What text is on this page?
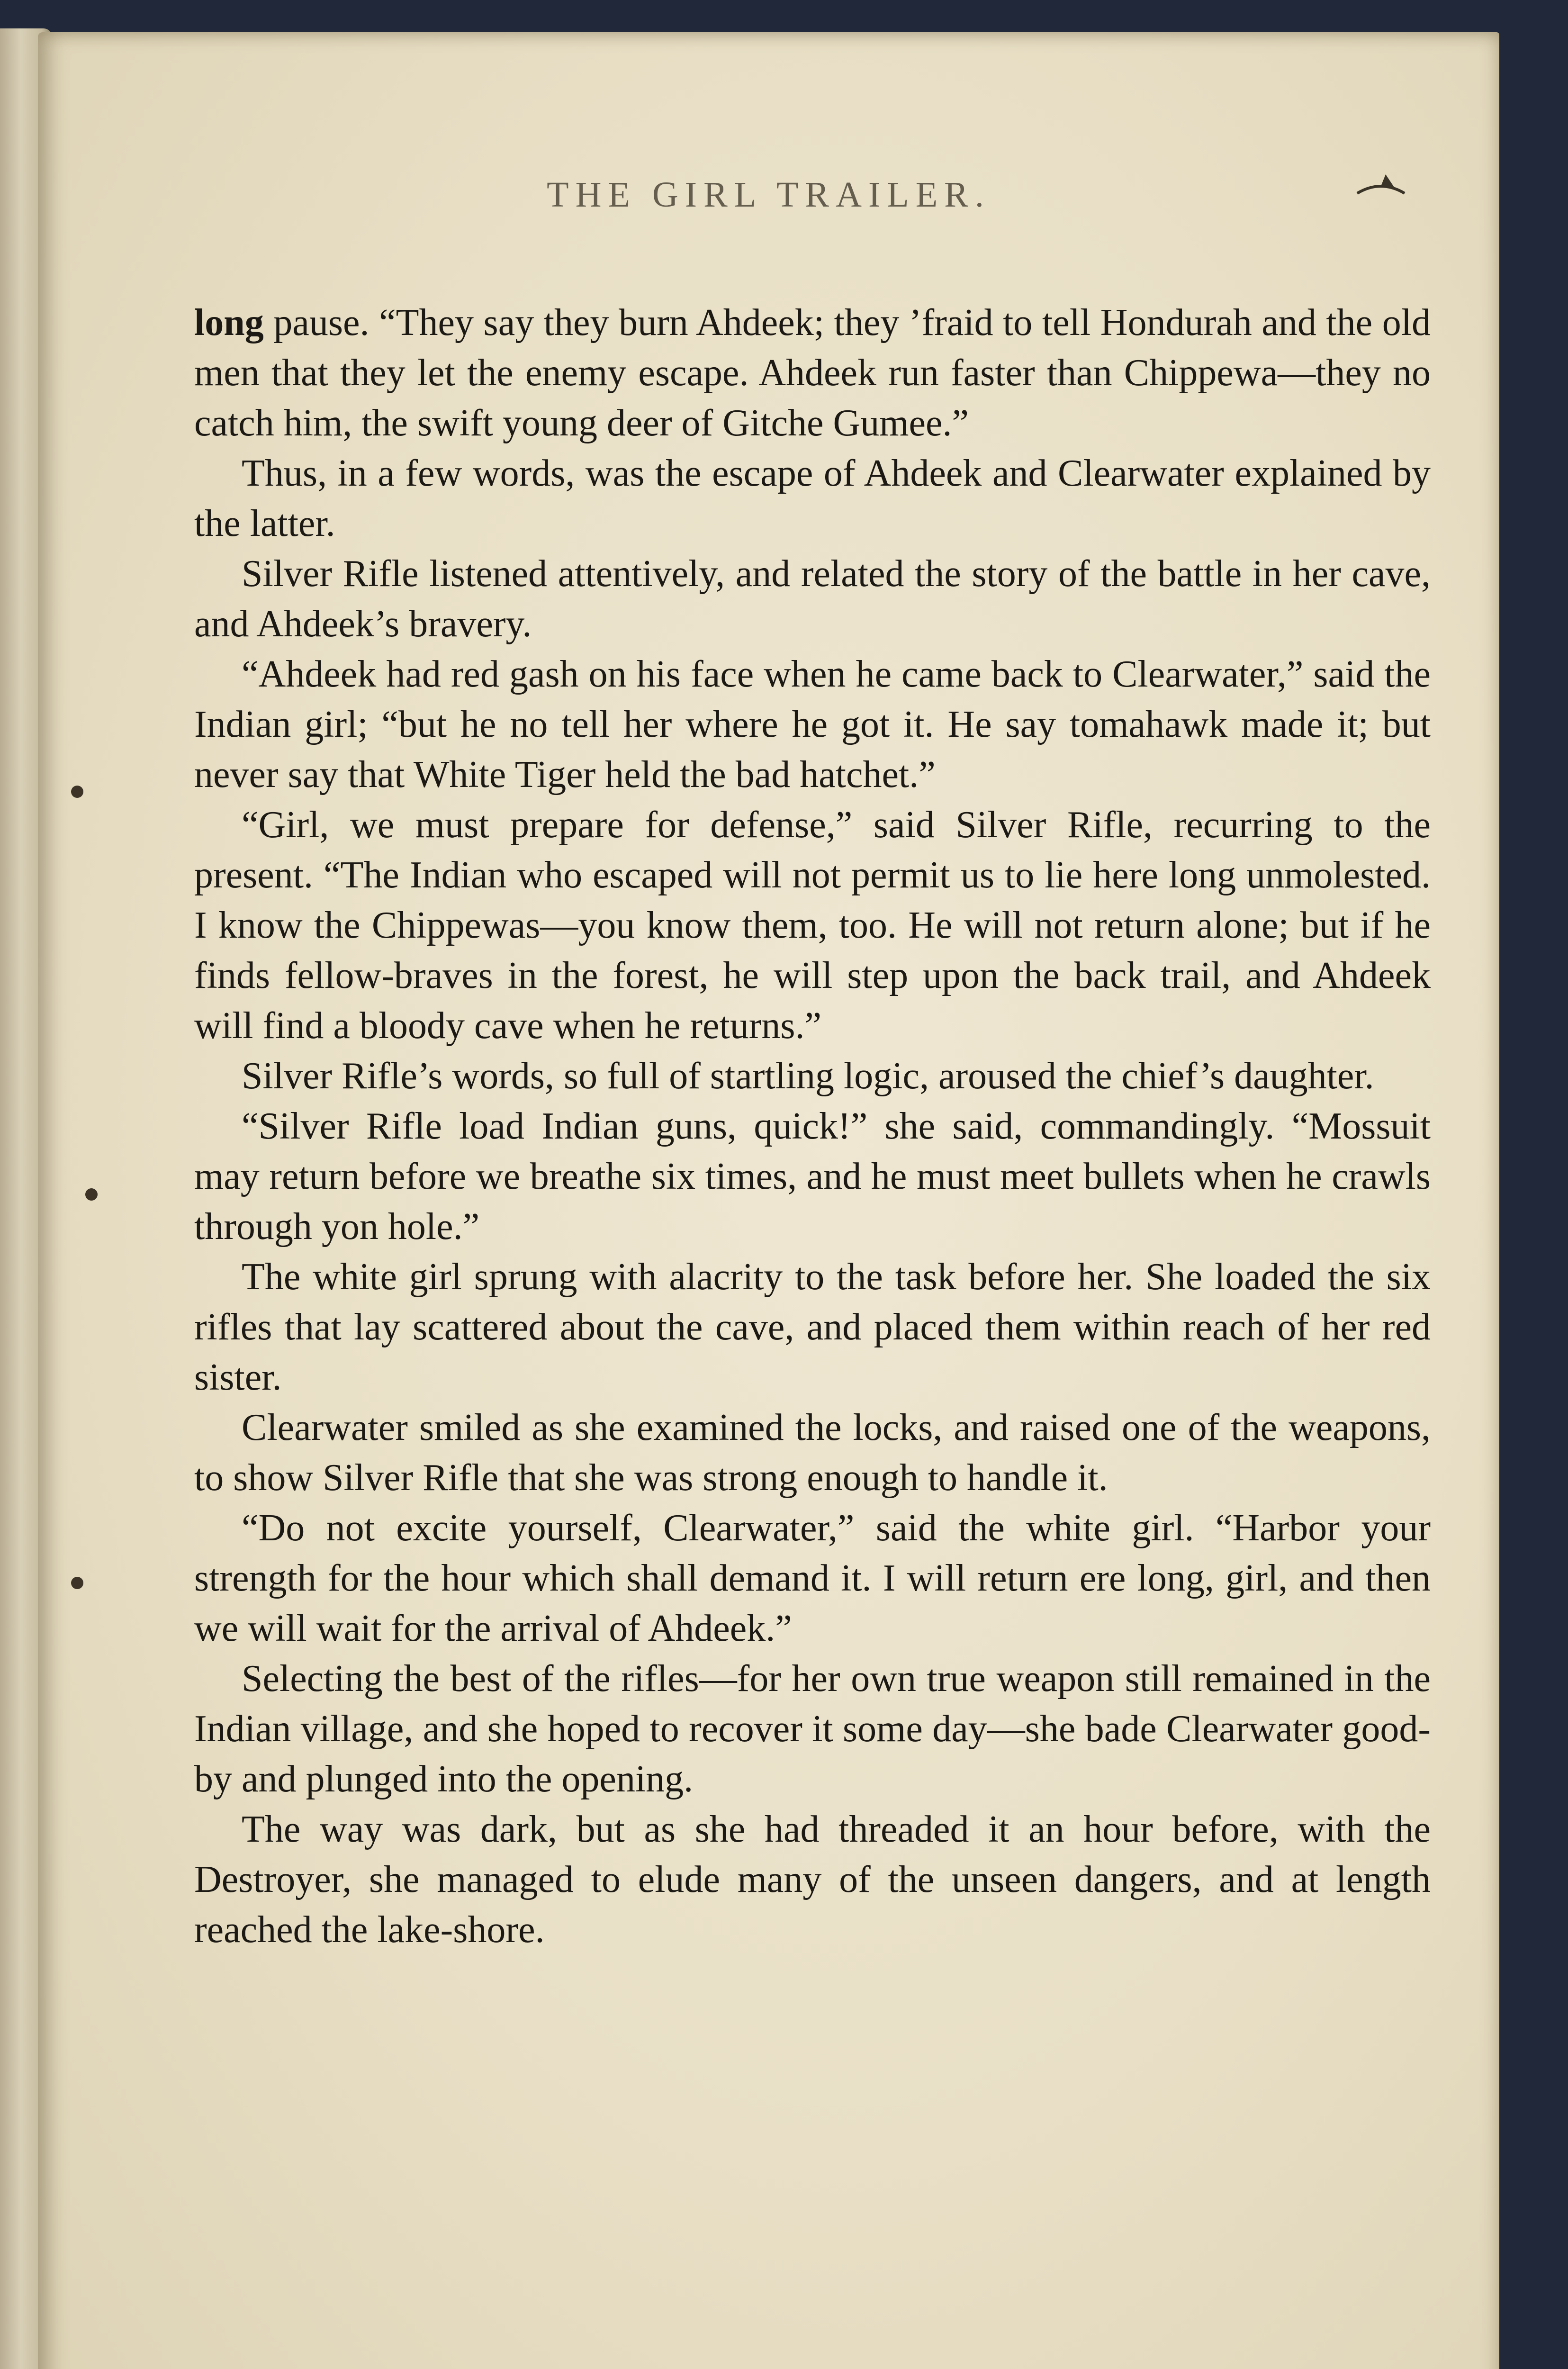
THE GIRL TRAILER.

long pause. “They say they burn Ahdeek; they ’fraid to tell Hondurah and the old men that they let the enemy escape. Ahdeek run faster than Chippewa—they no catch him, the swift young deer of Gitche Gumee.”

Thus, in a few words, was the escape of Ahdeek and Clearwater explained by the latter.

Silver Rifle listened attentively, and related the story of the battle in her cave, and Ahdeek’s bravery.

“Ahdeek had red gash on his face when he came back to Clearwater,” said the Indian girl; “but he no tell her where he got it. He say tomahawk made it; but never say that White Tiger held the bad hatchet.”

“Girl, we must prepare for defense,” said Silver Rifle, recurring to the present. “The Indian who escaped will not permit us to lie here long unmolested. I know the Chippewas—you know them, too. He will not return alone; but if he finds fellow-braves in the forest, he will step upon the back trail, and Ahdeek will find a bloody cave when he returns.”

Silver Rifle’s words, so full of startling logic, aroused the chief’s daughter.

“Silver Rifle load Indian guns, quick!” she said, commandingly. “Mossuit may return before we breathe six times, and he must meet bullets when he crawls through yon hole.”

The white girl sprung with alacrity to the task before her. She loaded the six rifles that lay scattered about the cave, and placed them within reach of her red sister.

Clearwater smiled as she examined the locks, and raised one of the weapons, to show Silver Rifle that she was strong enough to handle it.

“Do not excite yourself, Clearwater,” said the white girl. “Harbor your strength for the hour which shall demand it. I will return ere long, girl, and then we will wait for the arrival of Ahdeek.”

Selecting the best of the rifles—for her own true weapon still remained in the Indian village, and she hoped to recover it some day—she bade Clearwater good-by and plunged into the opening.

The way was dark, but as she had threaded it an hour before, with the Destroyer, she managed to elude many of the unseen dangers, and at length reached the lake-shore.
